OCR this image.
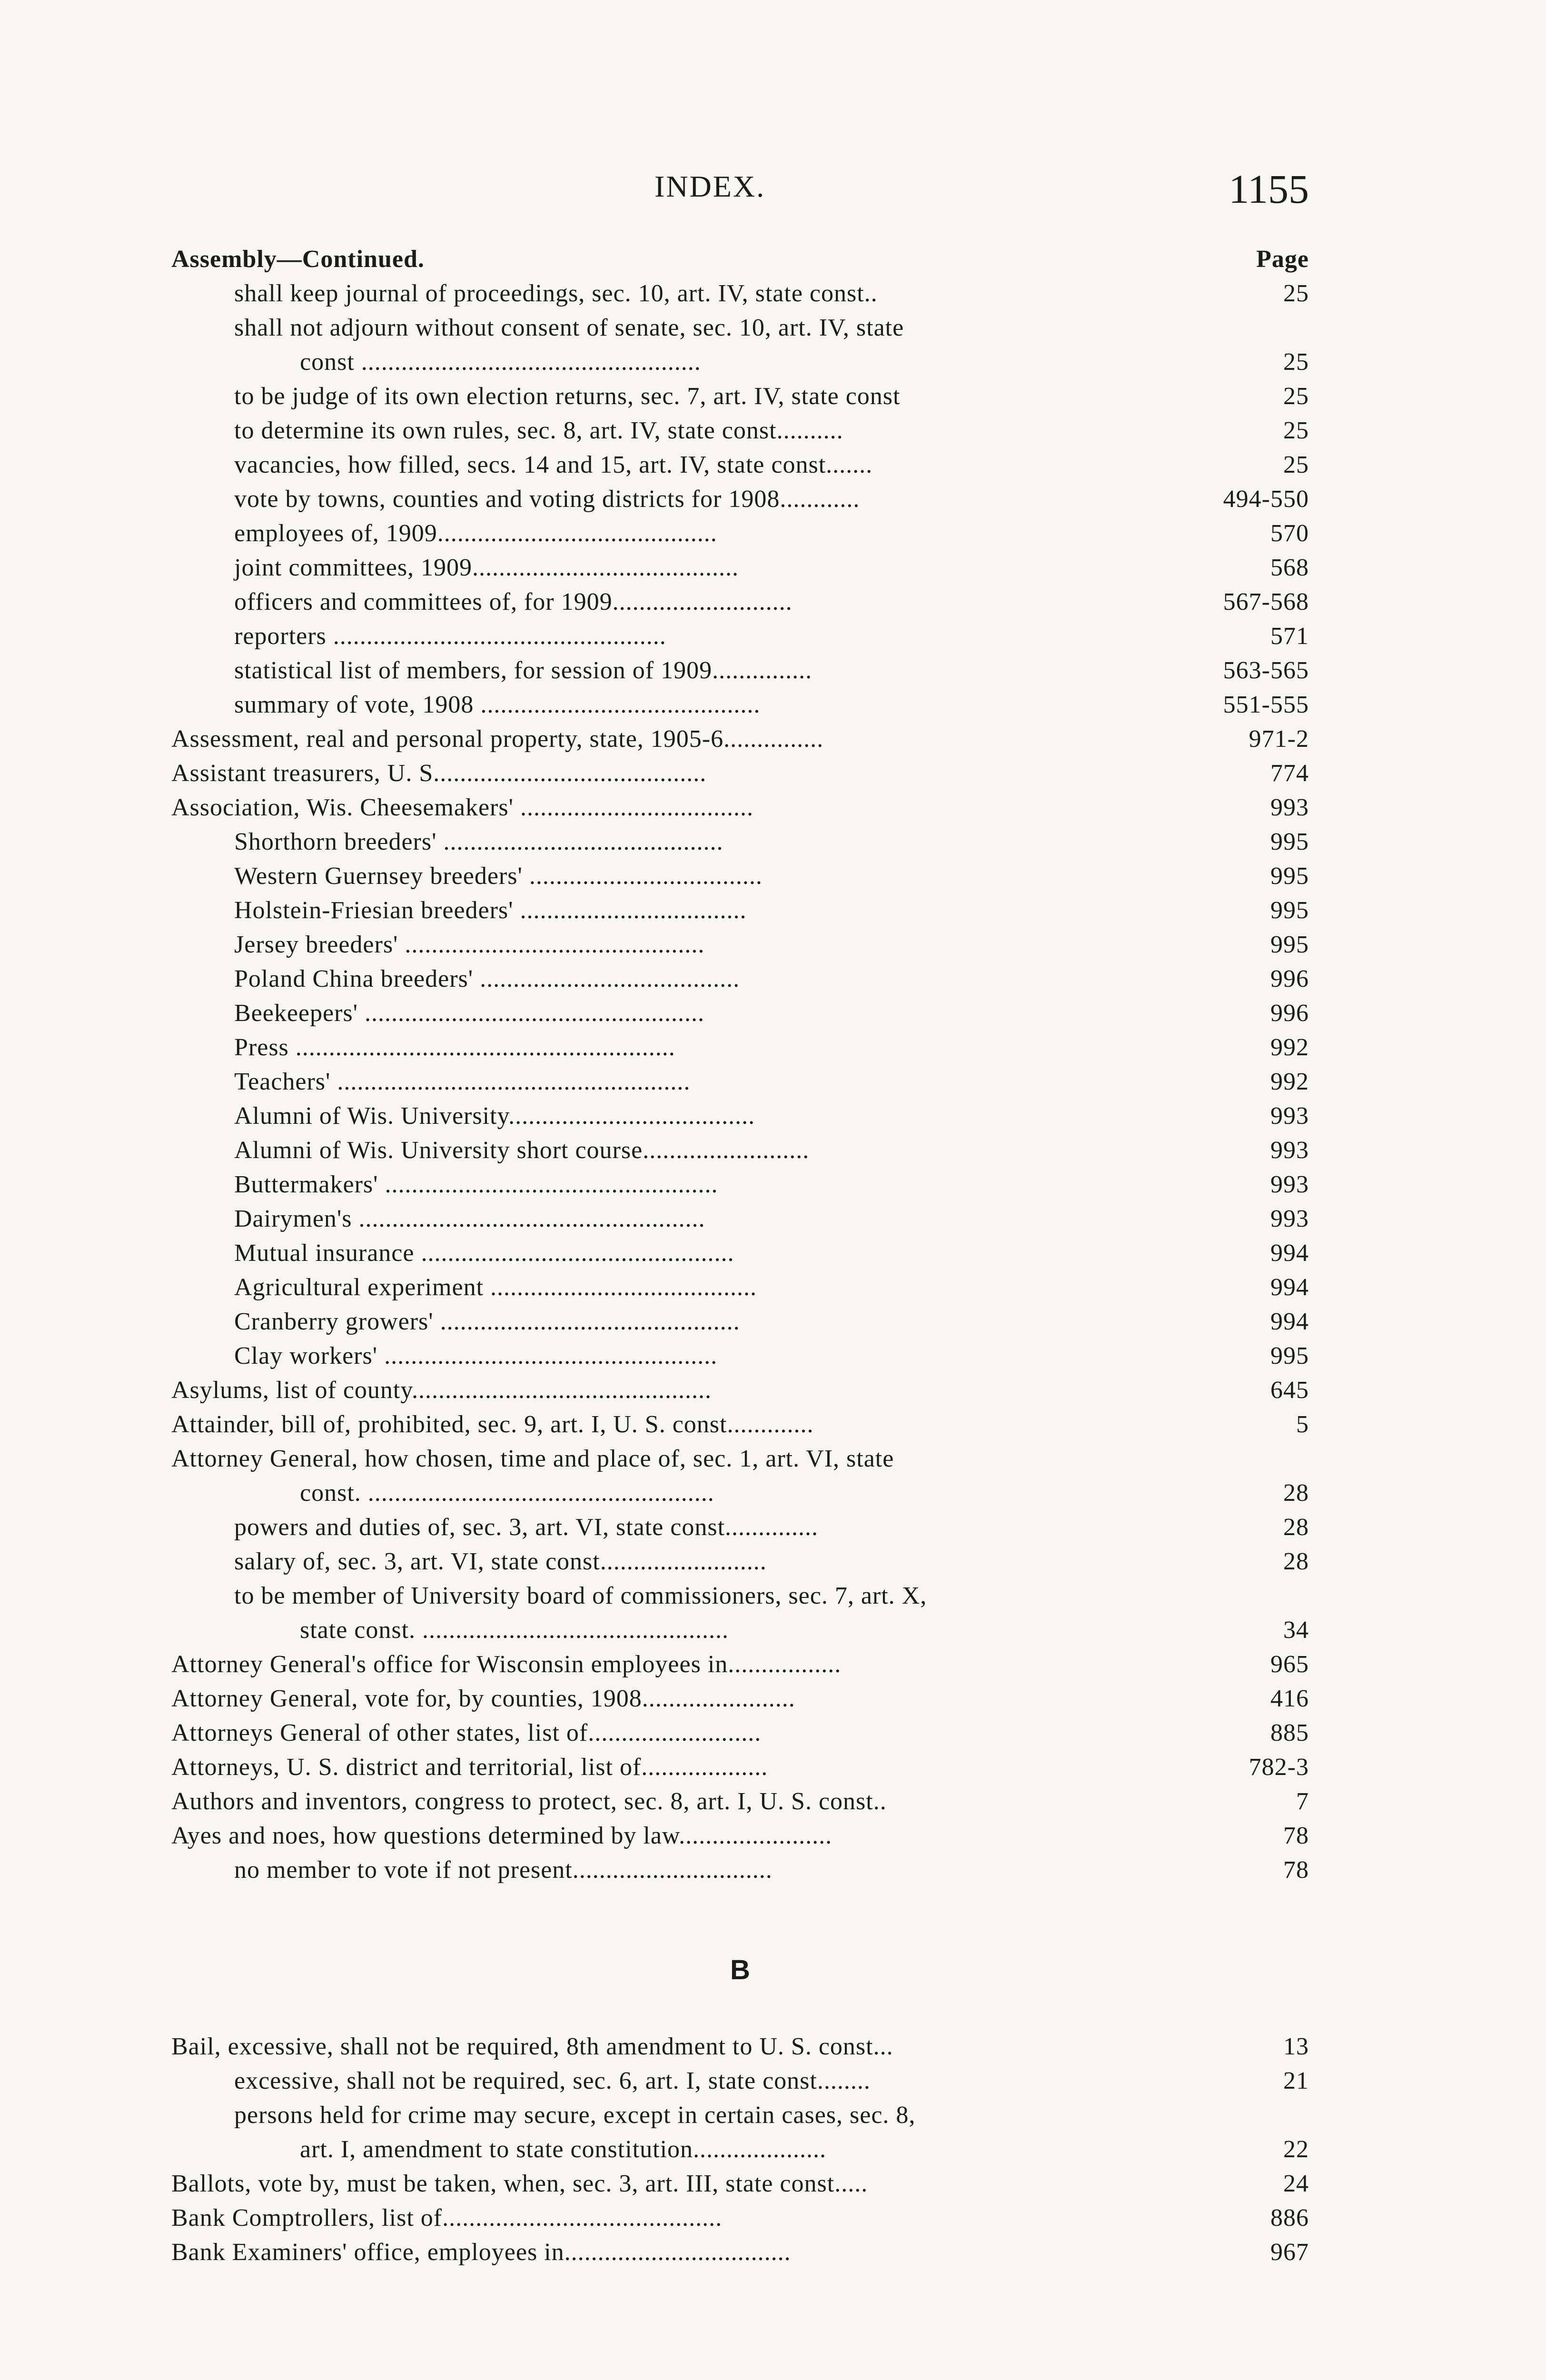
INDEX.	1155
Assembly—Continued.	Page
shall keep journal of proceedings, sec. 10, art. IV, state const..	25
shall not adjourn without consent of senate, sec. 10, art. IV, state
const ...................................................	25
to be judge of its own election returns, sec. 7, art. IV, state const	25
to determine its own rules, sec. 8, art. IV, state const..........	25
vacancies, how filled, secs. 14 and 15, art. IV, state const.......	25
vote by towns, counties and voting districts for 1908............	494-550
employees of, 1909..........................................	570
joint committees, 1909........................................	568
officers and committees of, for 1909...........................	567-568
reporters ..................................................	571
statistical list of members, for session of 1909...............	563-565
summary of vote, 1908 ..........................................	551-555
Assessment, real and personal property, state, 1905-6...............	971-2
Assistant treasurers, U. S.........................................	774
Association, Wis. Cheesemakers' ...................................	993
Shorthorn breeders' ..........................................	995
Western Guernsey breeders' ...................................	995
Holstein-Friesian breeders' ..................................	995
Jersey breeders' .............................................	995
Poland China breeders' .......................................	996
Beekeepers' ...................................................	996
Press .........................................................	992
Teachers' .....................................................	992
Alumni of Wis. University.....................................	993
Alumni of Wis. University short course.........................	993
Buttermakers' ..................................................	993
Dairymen's ....................................................	993
Mutual insurance ...............................................	994
Agricultural experiment ........................................	994
Cranberry growers' .............................................	994
Clay workers' ..................................................	995
Asylums, list of county.............................................	645
Attainder, bill of, prohibited, sec. 9, art. I, U. S. const.............	5
Attorney General, how chosen, time and place of, sec. 1, art. VI, state
const. ....................................................	28
powers and duties of, sec. 3, art. VI, state const..............	28
salary of, sec. 3, art. VI, state const.........................	28
to be member of University board of commissioners, sec. 7, art. X,
state const. ..............................................	34
Attorney General's office for Wisconsin employees in.................	965
Attorney General, vote for, by counties, 1908.......................	416
Attorneys General of other states, list of..........................	885
Attorneys, U. S. district and territorial, list of...................	782-3
Authors and inventors, congress to protect, sec. 8, art. I, U. S. const..	7
Ayes and noes, how questions determined by law.......................	78
no member to vote if not present..............................	78
B
Bail, excessive, shall not be required, 8th amendment to U. S. const...	13
excessive, shall not be required, sec. 6, art. I, state const........	21
persons held for crime may secure, except in certain cases, sec. 8,
art. I, amendment to state constitution....................	22
Ballots, vote by, must be taken, when, sec. 3, art. III, state const.....	24
Bank Comptrollers, list of..........................................	886
Bank Examiners' office, employees in..................................	967
